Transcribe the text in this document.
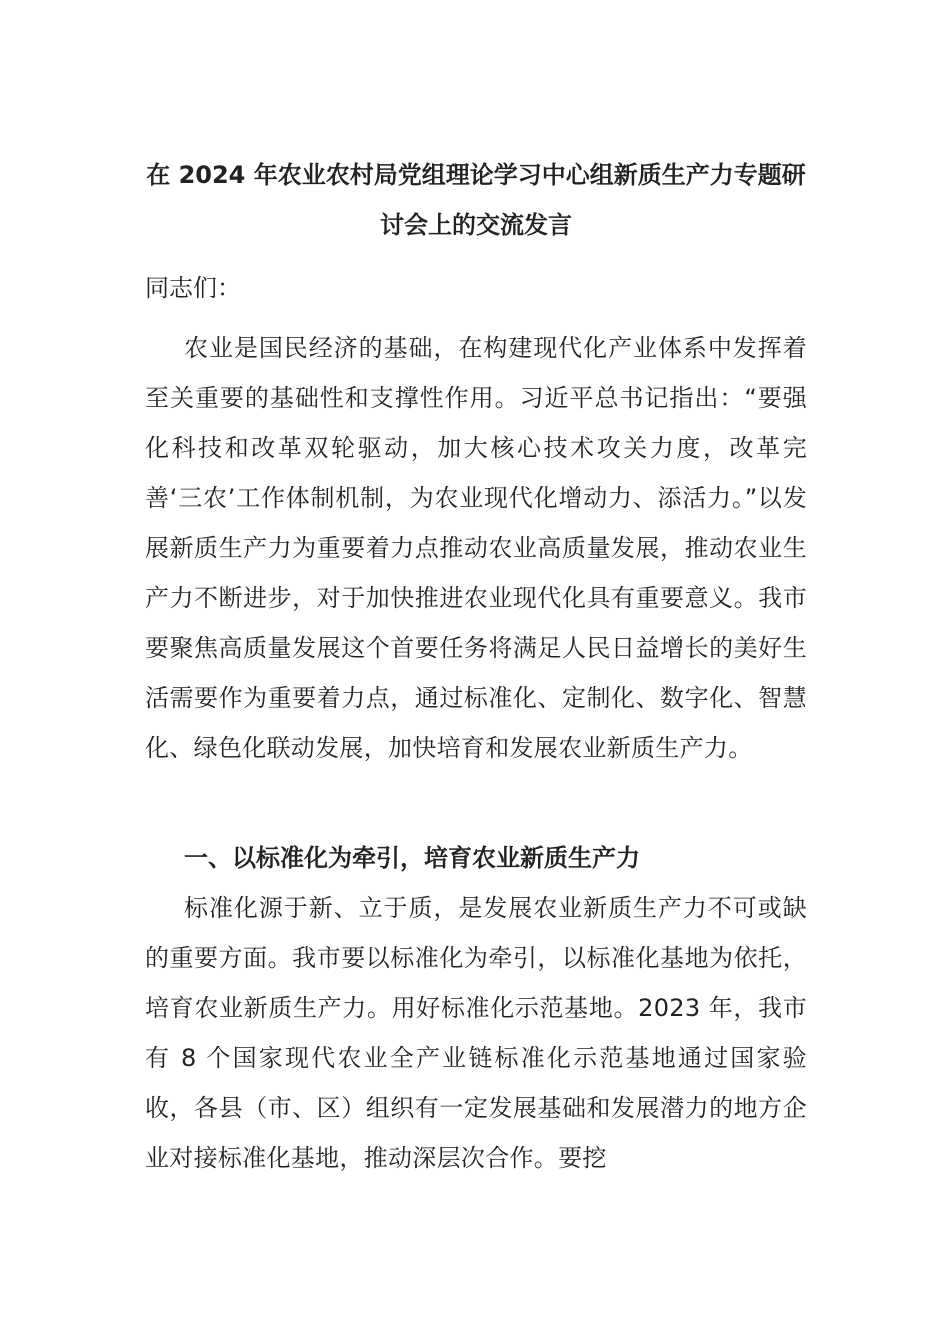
在 2024 年农业农村局党组理论学习中心组新质生产力专题研讨会上的交流发言

同志们：

农业是国民经济的基础，在构建现代化产业体系中发挥着至关重要的基础性和支撑性作用。习近平总书记指出：“要强化科技和改革双轮驱动，加大核心技术攻关力度，改革完善‘三农’工作体制机制，为农业现代化增动力、添活力。”以发展新质生产力为重要着力点推动农业高质量发展，推动农业生产力不断进步，对于加快推进农业现代化具有重要意义。我市要聚焦高质量发展这个首要任务将满足人民日益增长的美好生活需要作为重要着力点，通过标准化、定制化、数字化、智慧化、绿色化联动发展，加快培育和发展农业新质生产力。

一、以标准化为牵引，培育农业新质生产力

标准化源于新、立于质，是发展农业新质生产力不可或缺的重要方面。我市要以标准化为牵引，以标准化基地为依托，培育农业新质生产力。用好标准化示范基地。2023 年，我市有 8 个国家现代农业全产业链标准化示范基地通过国家验收，各县（市、区）组织有一定发展基础和发展潜力的地方企业对接标准化基地，推动深层次合作。要挖
